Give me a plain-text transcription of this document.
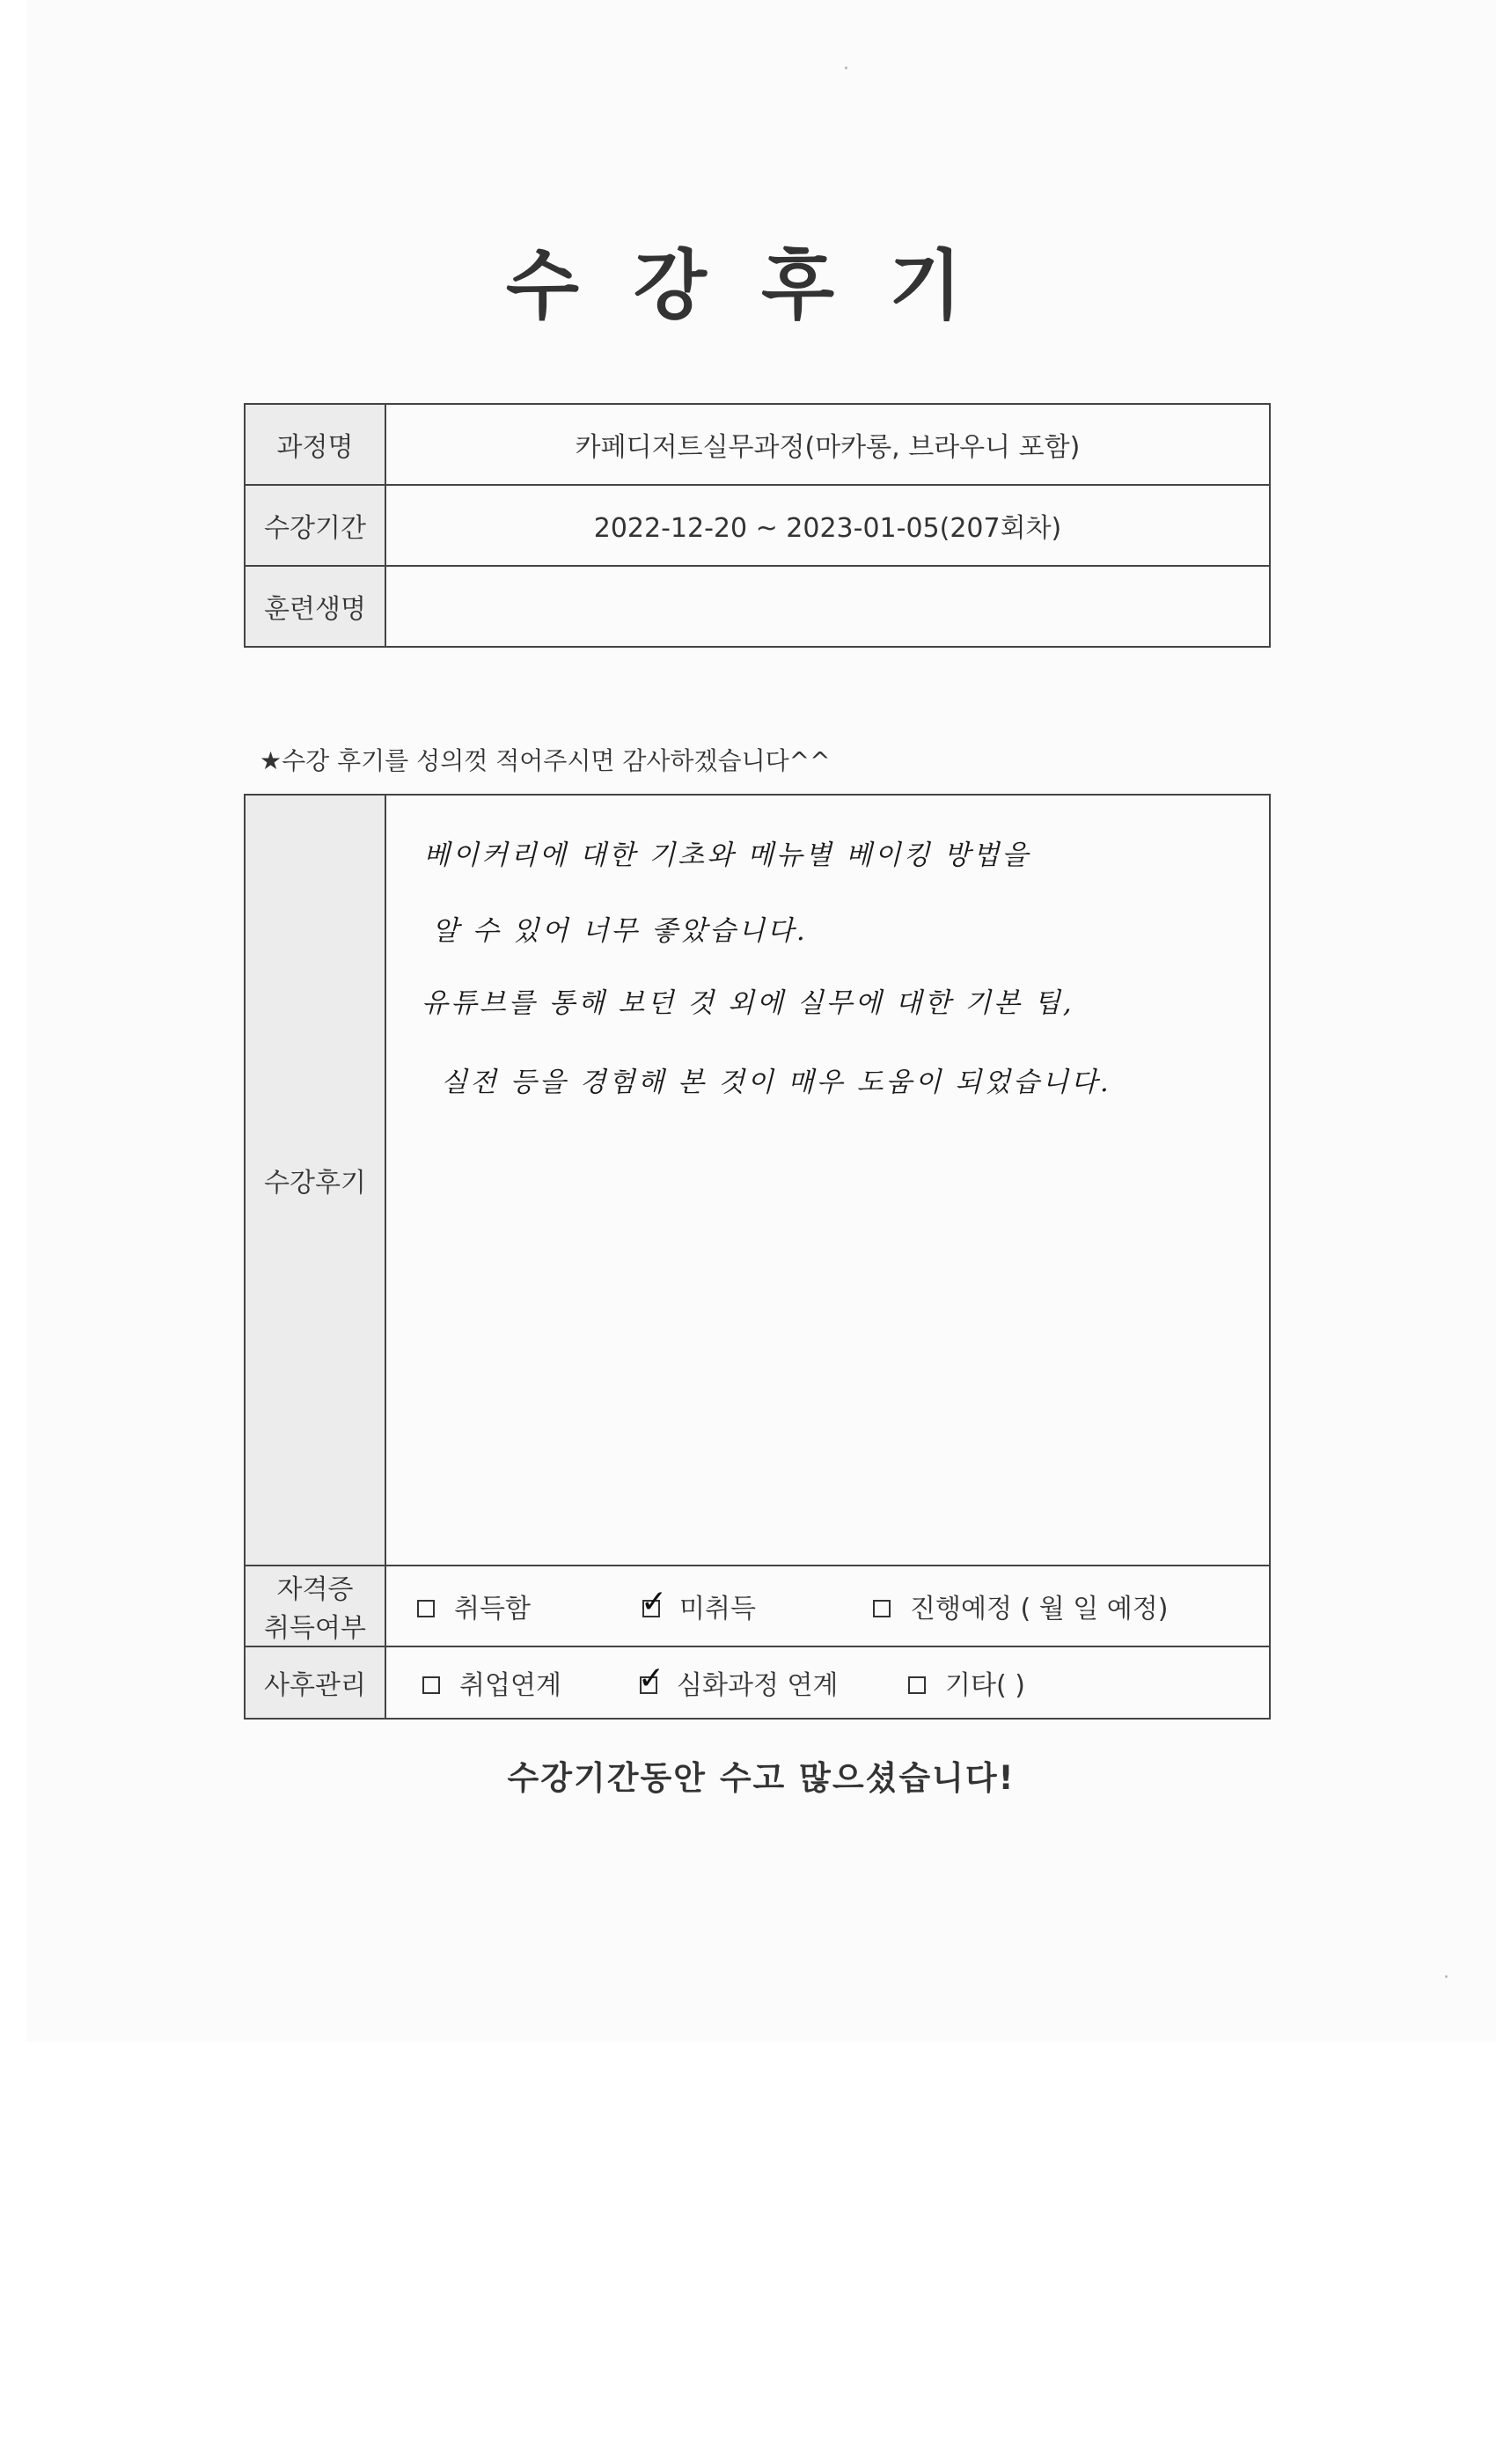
수강후기
과정명	카페디저트실무과정(마카롱, 브라우니 포함)
수강기간	2022-12-20 ~ 2023-01-05(207회차)
훈련생명	
★수강 후기를 성의껏 적어주시면 감사하겠습니다^^
수강후기	베이커리에 대한 기초와 메뉴별 베이킹 방법을
알 수 있어 너무 좋았습니다.
유튜브를 통해 보던 것 외에 실무에 대한 기본 팁,
실전 등을 경험해 본 것이 매우 도움이 되었습니다.

자격증
취득여부	취득함 ✓ 미취득 진행예정 ( 월 일 예정)

사후관리	취업연계 ✓ 심화과정 연계 기타( )
수강기간동안 수고 많으셨습니다!
·
·
